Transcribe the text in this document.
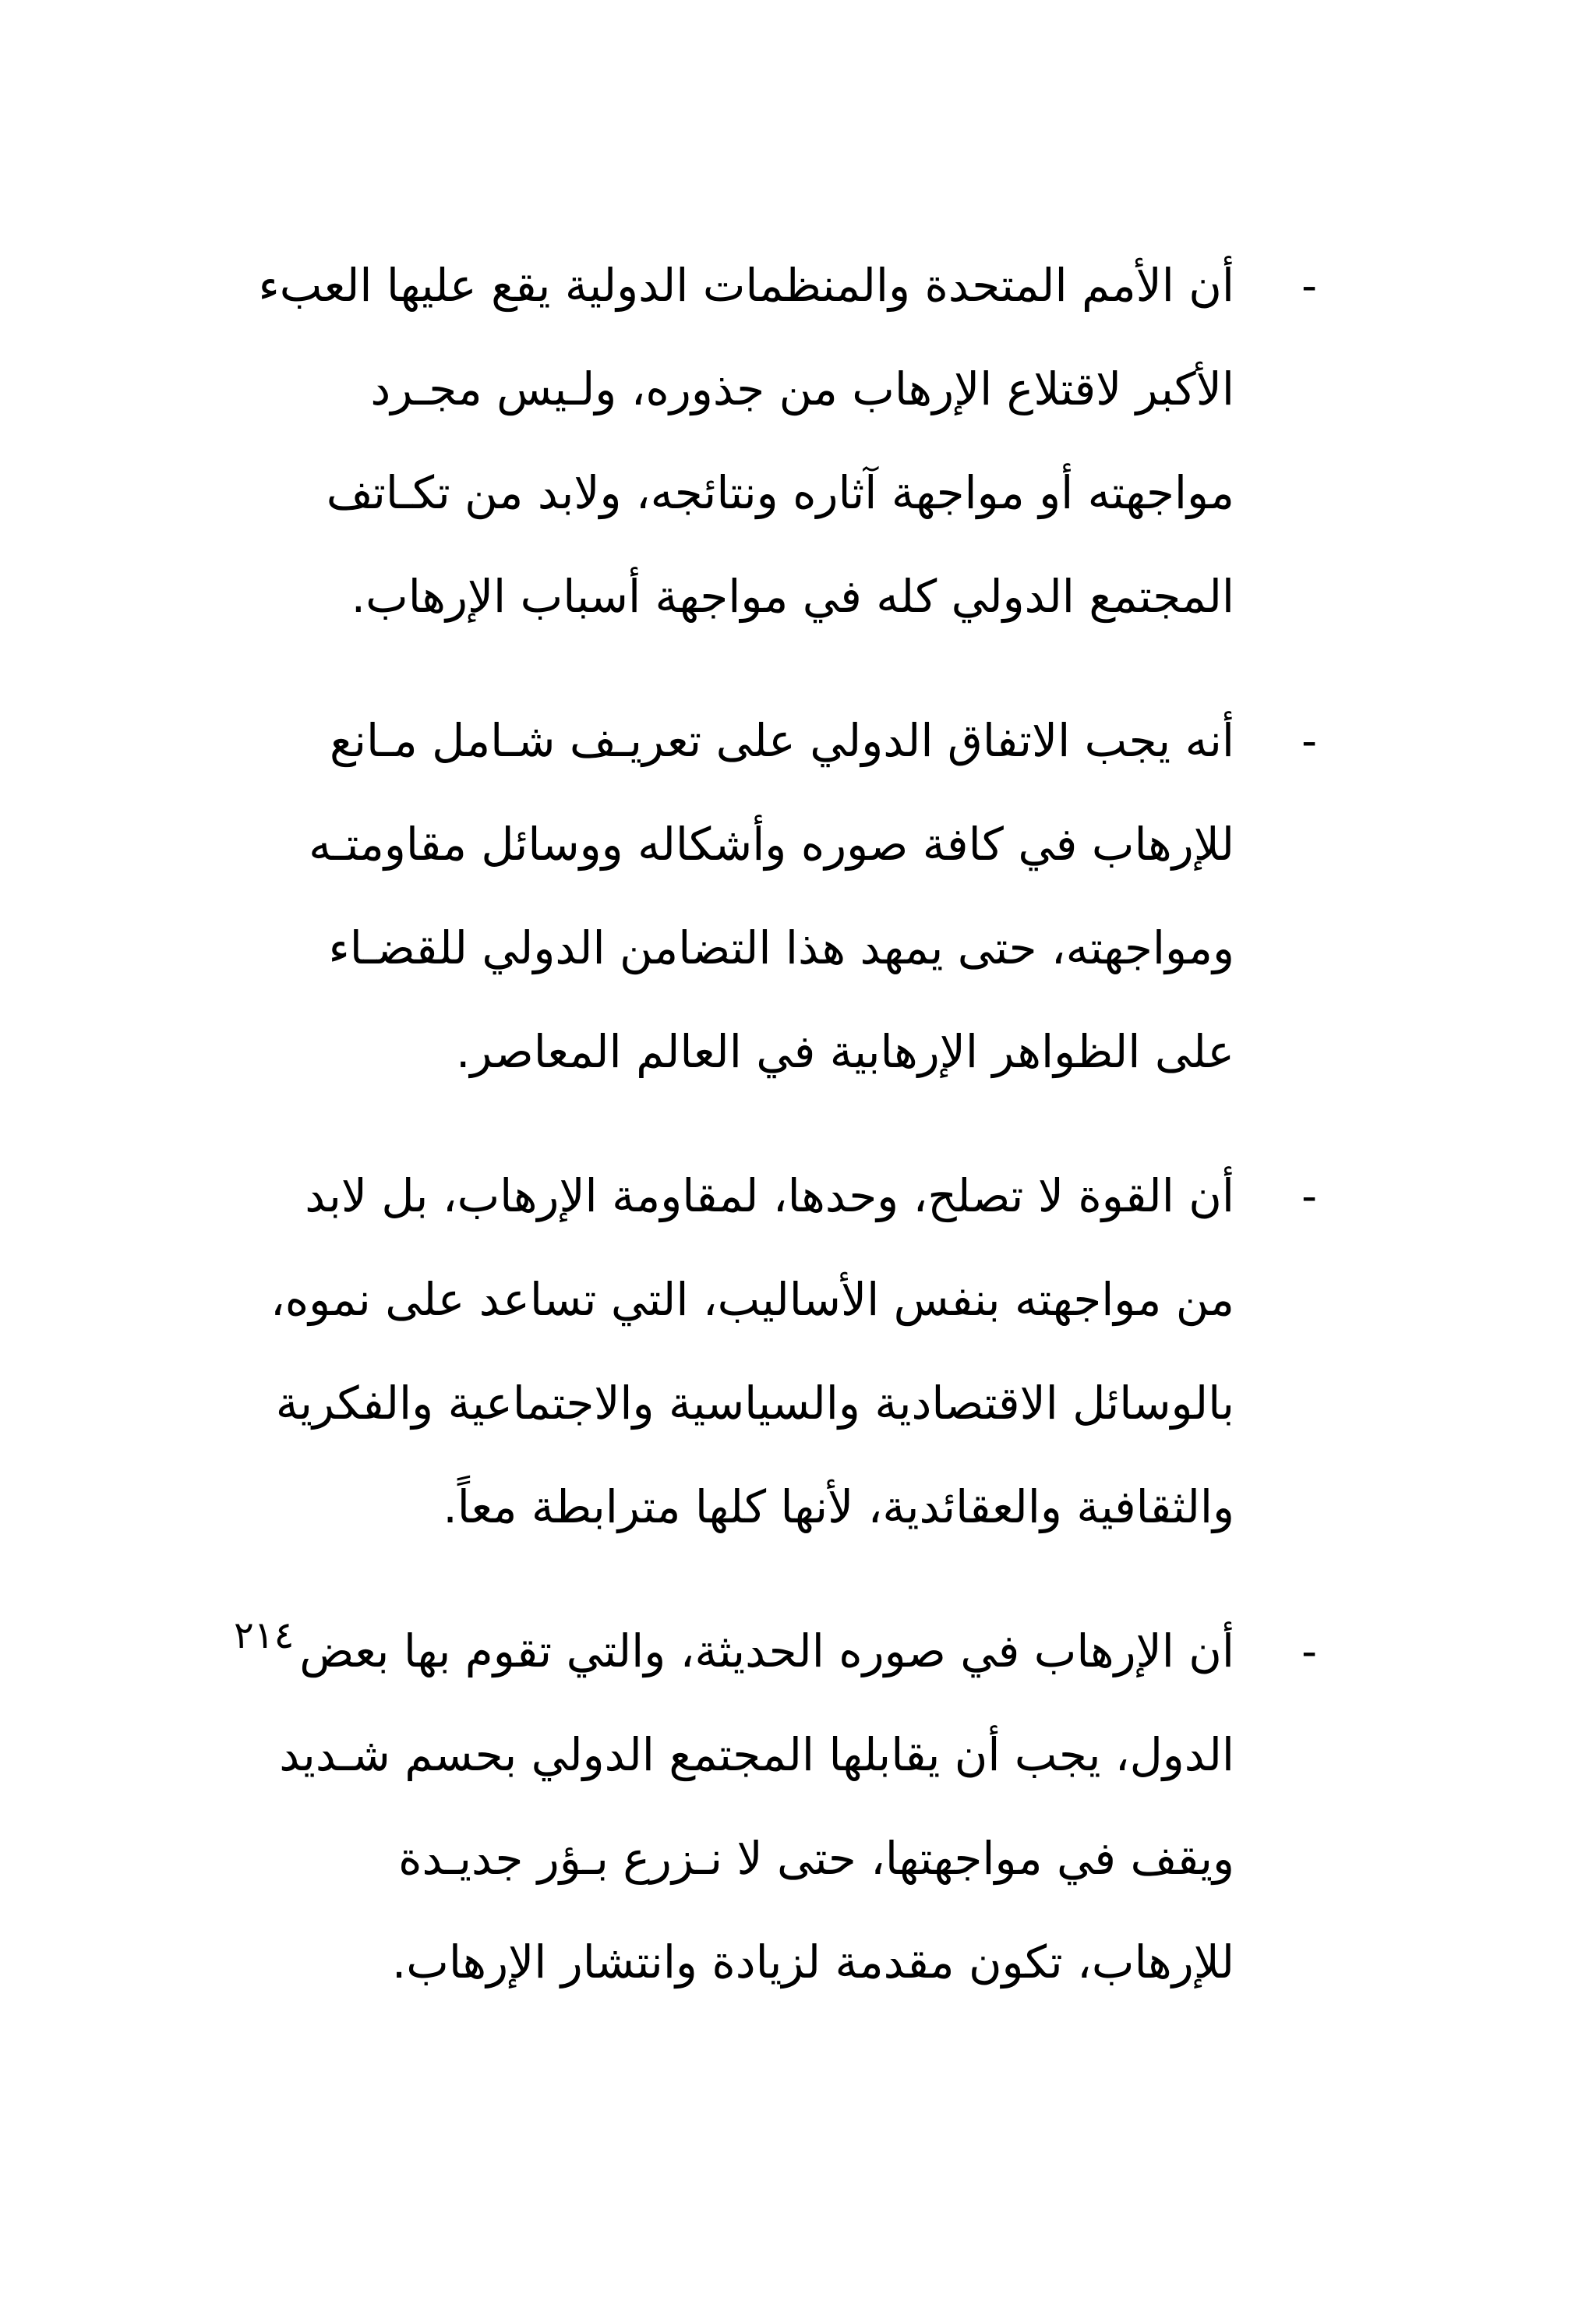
-
أن الأمم المتحدة والمنظمات الدولية يقع عليها العبء
الأكبر لاقتلاع الإرهاب من جذوره، ولـيس مجـرد
مواجهته أو مواجهة آثاره ونتائجه، ولابد من تكـاتف
المجتمع الدولي كله في مواجهة أسباب الإرهاب.
-
أنه يجب الاتفاق الدولي على تعريـف شـامل مـانع
للإرهاب في كافة صوره وأشكاله ووسائل مقاومتـه
ومواجهته، حتى يمهد هذا التضامن الدولي للقضـاء
على الظواهر الإرهابية في العالم المعاصر.
-
أن القوة لا تصلح، وحدها، لمقاومة الإرهاب، بل لابد
من مواجهته بنفس الأساليب، التي تساعد على نموه،
بالوسائل الاقتصادية والسياسية والاجتماعية والفكرية
والثقافية والعقائدية، لأنها كلها مترابطة معاً.
-
أن الإرهاب في صوره الحديثة، والتي تقوم بها بعض
الدول، يجب أن يقابلها المجتمع الدولي بحسم شـديد
ويقف في مواجهتها، حتى لا نـزرع بـؤر جديـدة
للإرهاب، تكون مقدمة لزيادة وانتشار الإرهاب.
٢١٤
